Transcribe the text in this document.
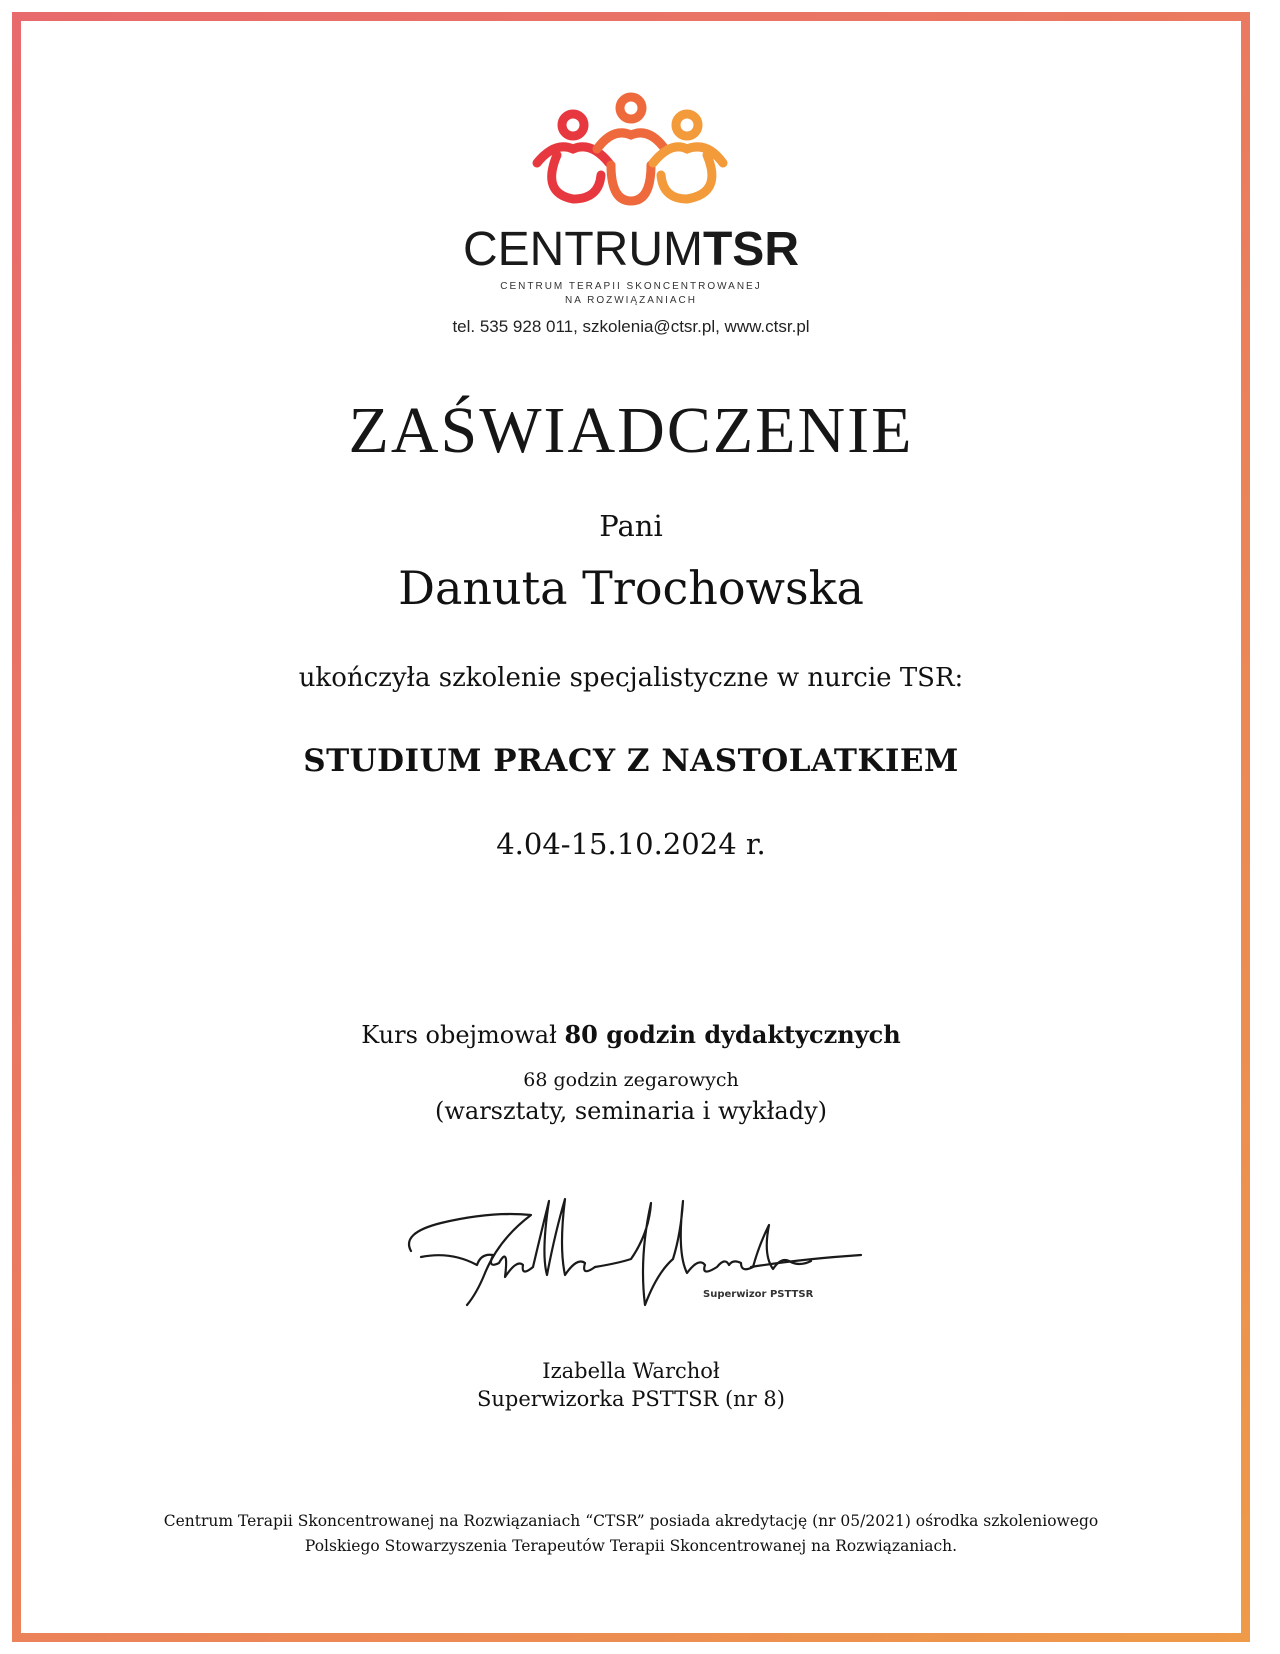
CENTRUMTSR
CENTRUM TERAPII SKONCENTROWANEJ
NA ROZWIĄZANIACH
tel. 535 928 011, szkolenia@ctsr.pl, www.ctsr.pl
ZAŚWIADCZENIE
Pani
Danuta Trochowska
ukończyła szkolenie specjalistyczne w nurcie TSR:
STUDIUM PRACY Z NASTOLATKIEM
4.04-15.10.2024 r.
Kurs obejmował 80 godzin dydaktycznych
68 godzin zegarowych
(warsztaty, seminaria i wykłady)
Superwizor PSTTSR
Izabella Warchoł
Superwizorka PSTTSR (nr 8)
Centrum Terapii Skoncentrowanej na Rozwiązaniach “CTSR” posiada akredytację (nr 05/2021) ośrodka szkoleniowego
Polskiego Stowarzyszenia Terapeutów Terapii Skoncentrowanej na Rozwiązaniach.
